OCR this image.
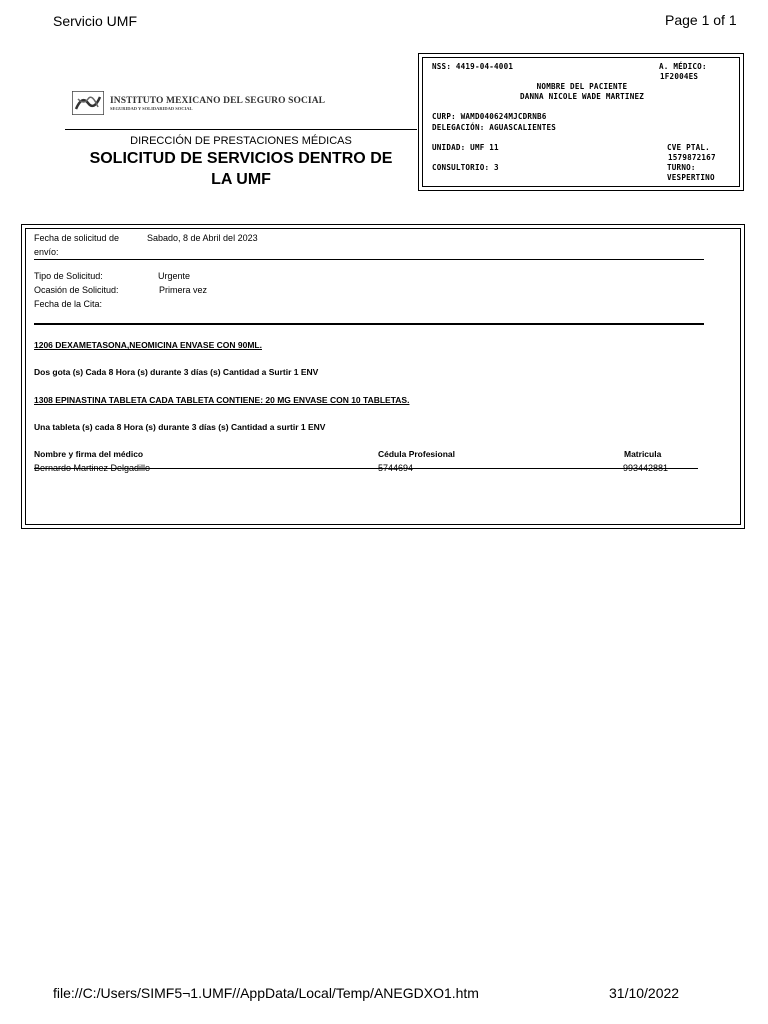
Servicio UMF	Page 1 of 1
INSTITUTO MEXICANO DEL SEGURO SOCIAL
SEGURIDAD Y SOLIDARIDAD SOCIAL
DIRECCIÓN DE PRESTACIONES MÉDICAS
SOLICITUD DE SERVICIOS DENTRO DE
LA UMF
NSS: 4419-04-4001	A. MÉDICO:
1F2004ES
NOMBRE DEL PACIENTE
DANNA NICOLE WADE MARTINEZ
CURP: WAMD040624MJCDRNB6
DELEGACIÓN: AGUASCALIENTES
UNIDAD: UMF 11	CVE PTAL.
1579872167
CONSULTORIO: 3	TURNO:
VESPERTINO
Fecha de solicitud de
envío:
Sabado, 8 de Abril del 2023
Tipo de Solicitud:	Urgente
Ocasión de Solicitud:	Primera vez
Fecha de la Cita:
1206 DEXAMETASONA,NEOMICINA ENVASE CON 90ML.
Dos gota (s) Cada 8 Hora (s) durante 3 días (s) Cantidad a Surtir 1 ENV
1308 EPINASTINA TABLETA CADA TABLETA CONTIENE: 20 MG ENVASE CON 10 TABLETAS.
Una tableta (s) cada 8 Hora (s) durante 3 días (s) Cantidad a surtir 1 ENV
Nombre y firma del médico	Cédula Profesional	Matricula
Bernardo Martinez Delgadillo	5744694	993442881
file://C:/Users/SIMF5¬1.UMF//AppData/Local/Temp/ANEGDXO1.htm	31/10/2022
